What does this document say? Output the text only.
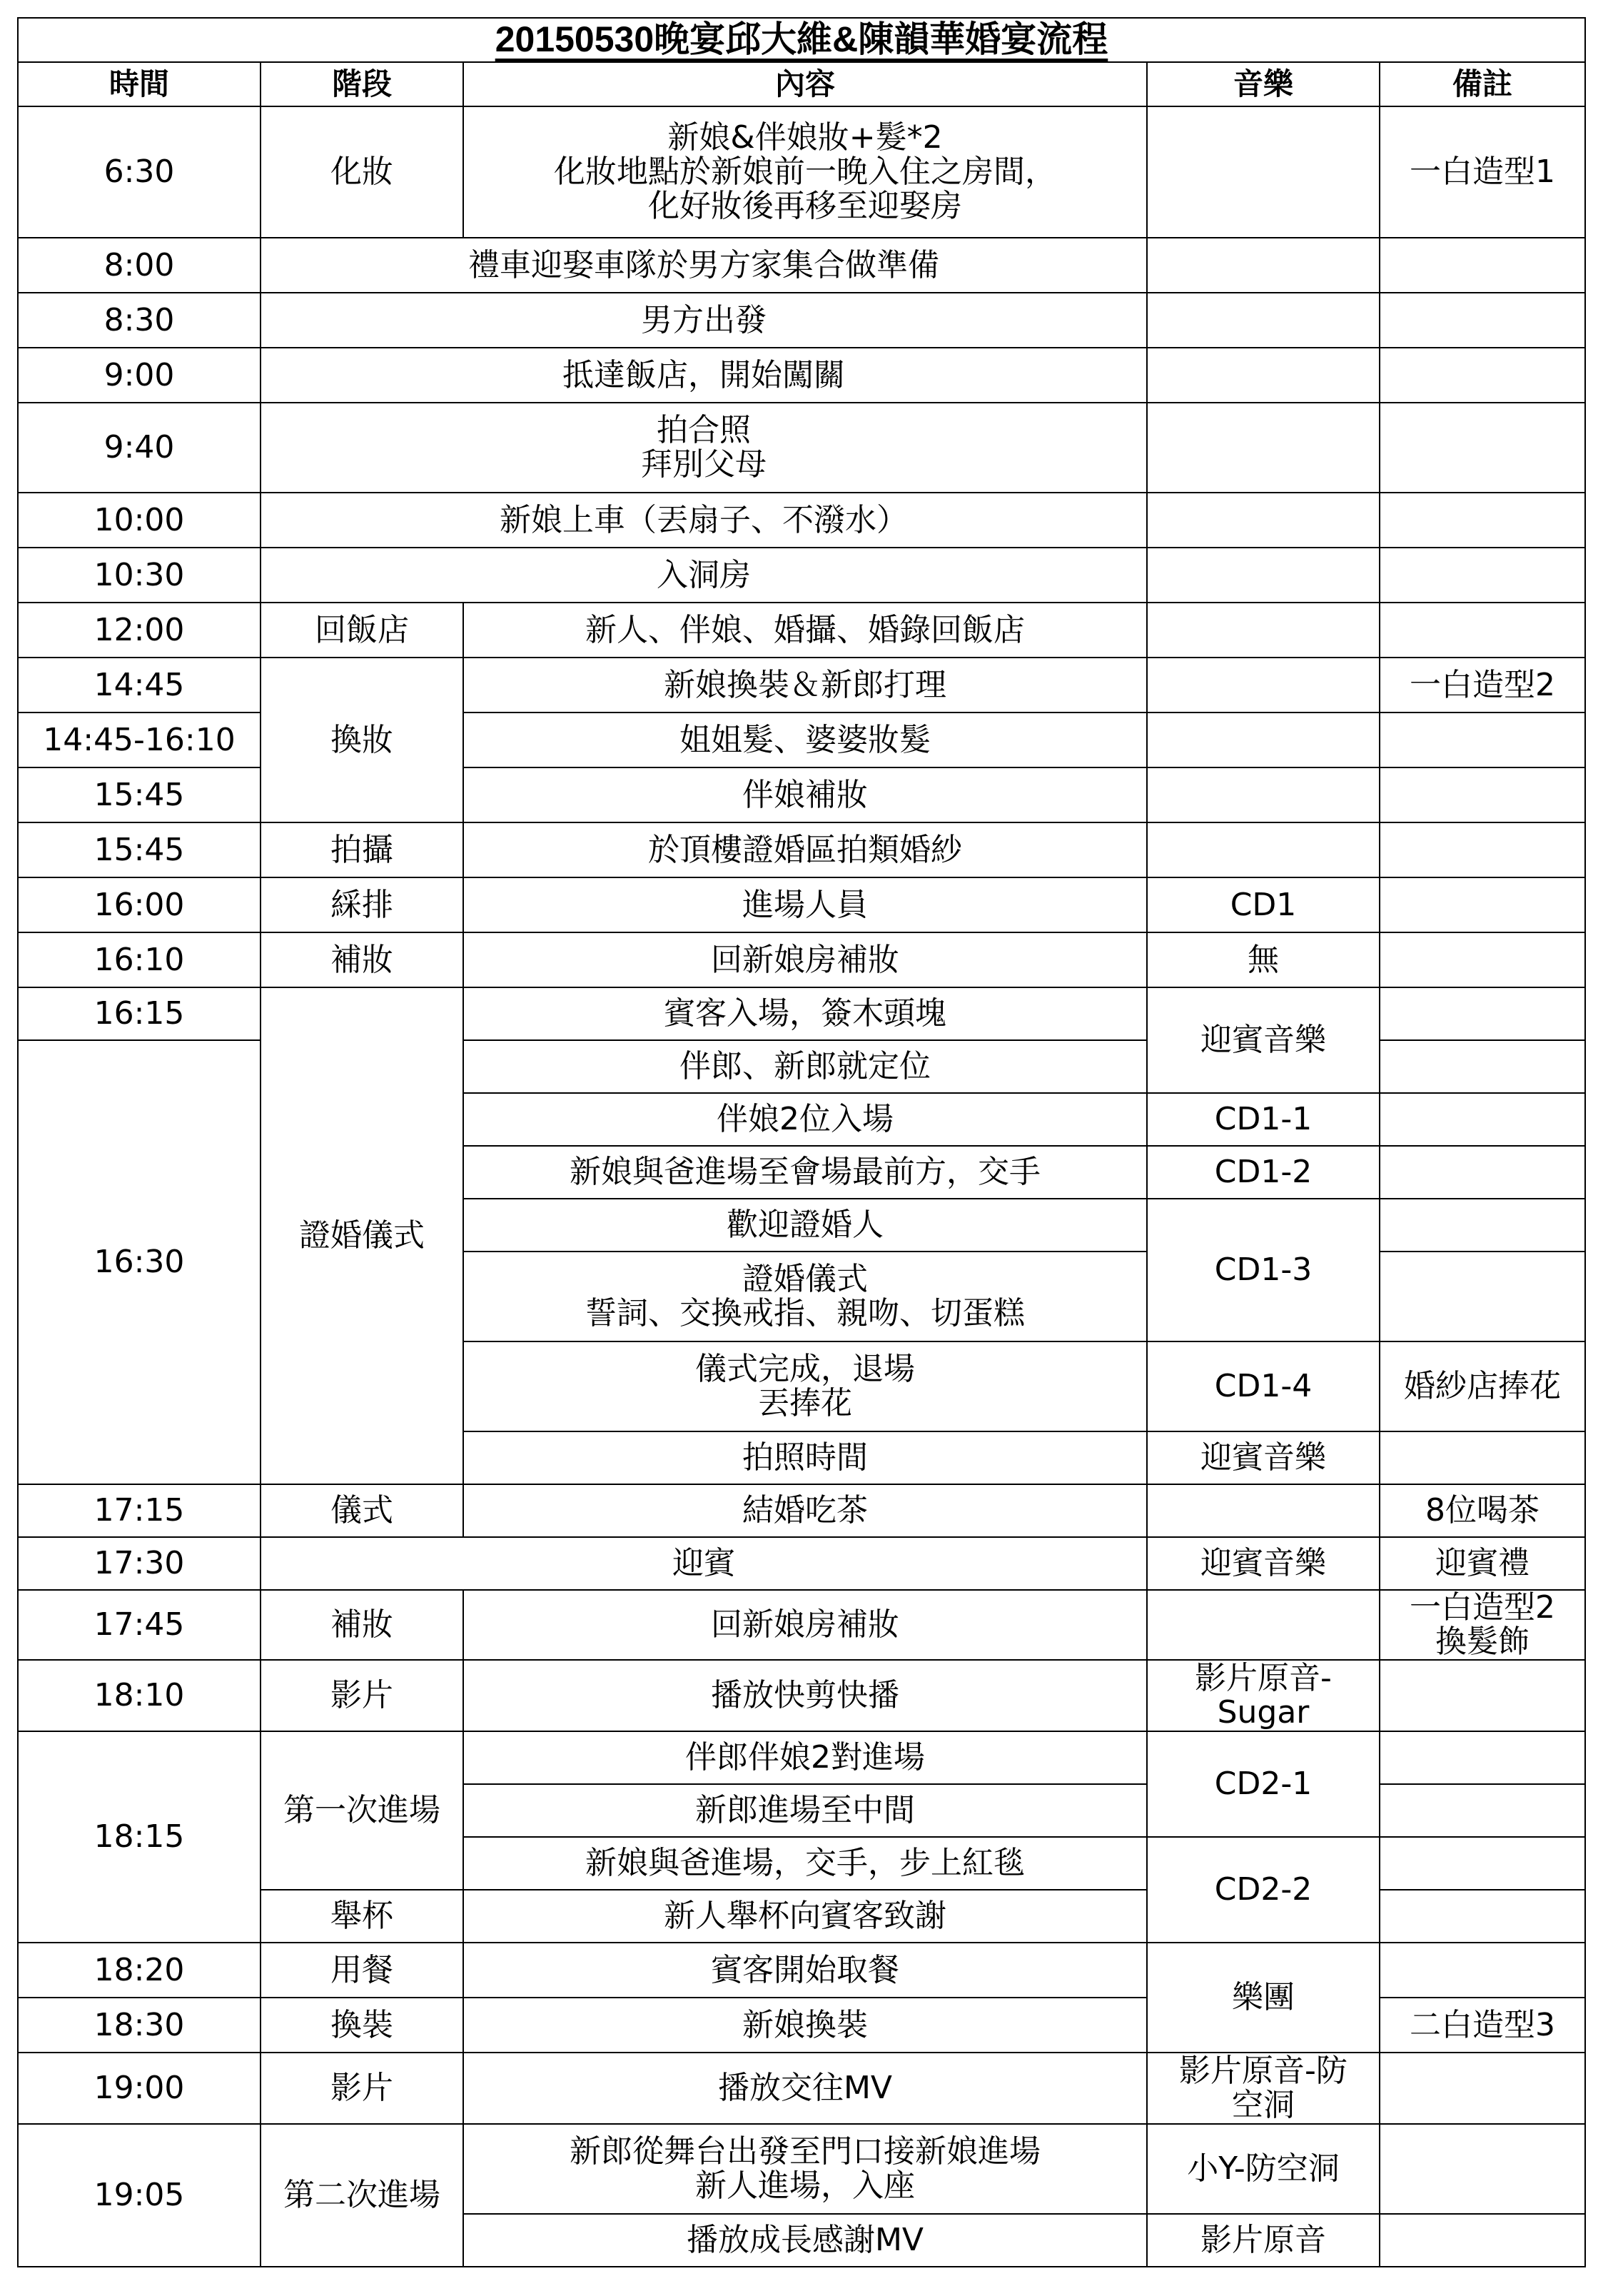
20150530晚宴邱大維&陳韻華婚宴流程				
時間	階段	內容	音樂	備註
6:30	化妝	新娘&伴娘妝+髮*2
化妝地點於新娘前一晚入住之房間，
化好妝後再移至迎娶房		一白造型1
8:00	禮車迎娶車隊於男方家集合做準備			
8:30	男方出發			
9:00	抵達飯店，開始闖關			
9:40	拍合照
拜別父母			
10:00	新娘上車（丟扇子、不潑水）			
10:30	入洞房			
12:00	回飯店	新人、伴娘、婚攝、婚錄回飯店		
14:45	換妝	新娘換裝＆新郎打理		一白造型2
14:45-16:10		姐姐髮、婆婆妝髮		
15:45		伴娘補妝		
15:45	拍攝	於頂樓證婚區拍類婚紗		
16:00	綵排	進場人員	CD1	
16:10	補妝	回新娘房補妝	無	
16:15	證婚儀式	賓客入場，簽木頭塊	迎賓音樂	
16:30		伴郎、新郎就定位		
		伴娘2位入場	CD1-1	
		新娘與爸進場至會場最前方，交手	CD1-2	
		歡迎證婚人	CD1-3	
		證婚儀式
誓詞、交換戒指、親吻、切蛋糕		
		儀式完成，退場
丟捧花	CD1-4	婚紗店捧花
		拍照時間	迎賓音樂	
17:15	儀式	結婚吃茶		8位喝茶
17:30	迎賓		迎賓音樂	迎賓禮
17:45	補妝	回新娘房補妝		一白造型2
換髮飾
18:10	影片	播放快剪快播	影片原音-
Sugar	
18:15	第一次進場	伴郎伴娘2對進場	CD2-1	
		新郎進場至中間		
		新娘與爸進場，交手，步上紅毯	CD2-2	
	舉杯	新人舉杯向賓客致謝		
18:20	用餐	賓客開始取餐	樂團	
18:30	換裝	新娘換裝		二白造型3
19:00	影片	播放交往MV	影片原音-防
空洞	
19:05	第二次進場	新郎從舞台出發至門口接新娘進場
新人進場，入座	小Y-防空洞	
		播放成長感謝MV	影片原音	
